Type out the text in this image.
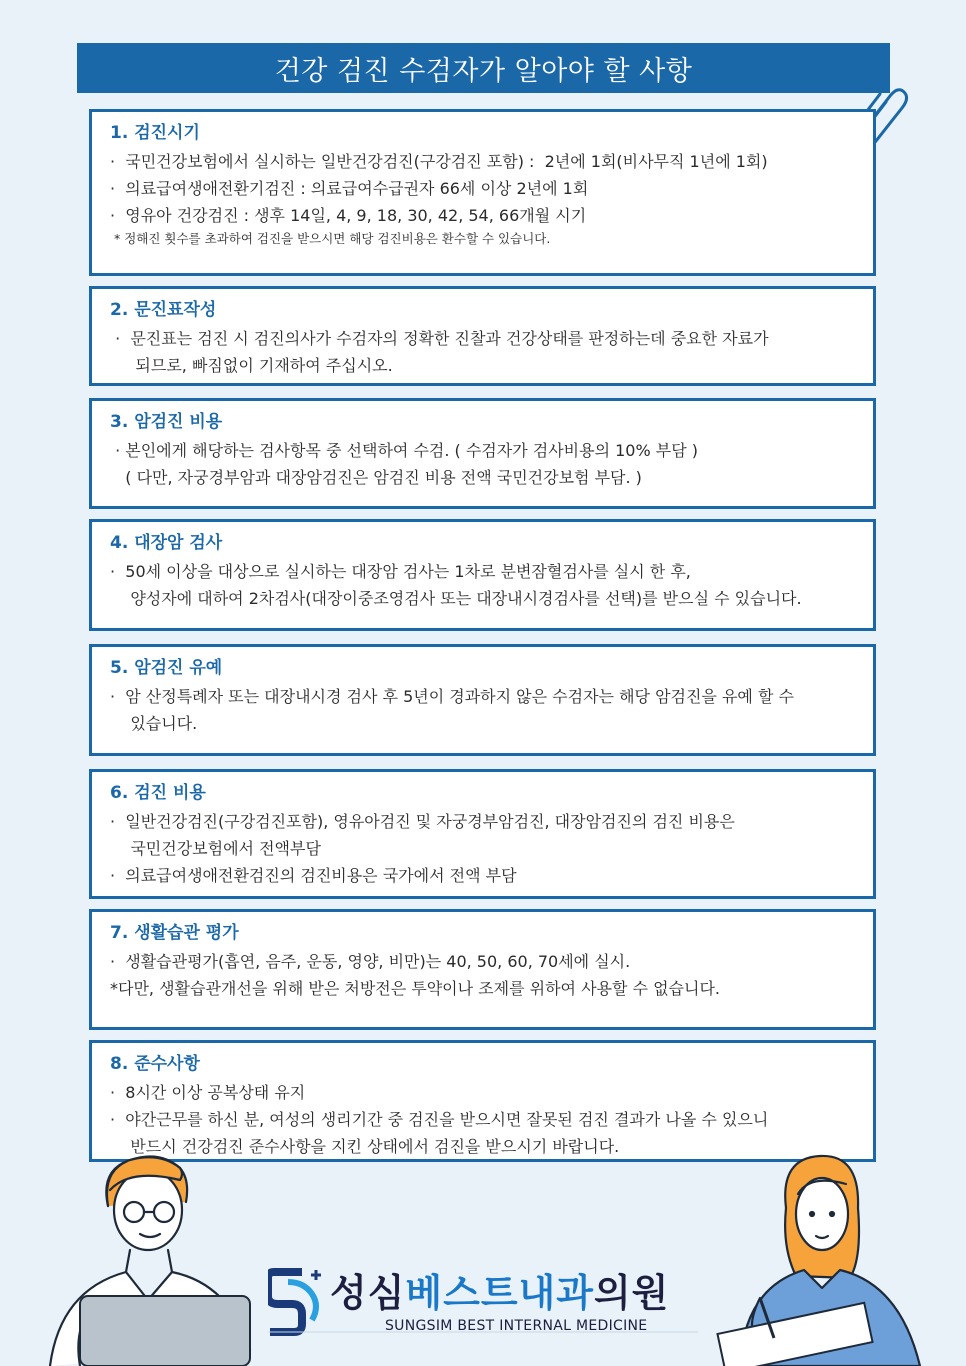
건강 검진 수검자가 알아야 할 사항
1. 검진시기

·  국민건강보험에서 실시하는 일반건강검진(구강검진 포함) :  2년에 1회(비사무직 1년에 1회)

·  의료급여생애전환기검진 : 의료급여수급권자 66세 이상 2년에 1회

·  영유아 건강검진 : 생후 14일, 4, 9, 18, 30, 42, 54, 66개월 시기

* 정해진 횟수를 초과하여 검진을 받으시면 해당 검진비용은 환수할 수 있습니다.

2. 문진표작성

·  문진표는 검진 시 검진의사가 수검자의 정확한 진찰과 건강상태를 판정하는데 중요한 자료가

되므로, 빠짐없이 기재하여 주십시오.

3. 암검진 비용

· 본인에게 해당하는 검사항목 중 선택하여 수검. ( 수검자가 검사비용의 10% 부담 )

( 다만, 자궁경부암과 대장암검진은 암검진 비용 전액 국민건강보험 부담. )

4. 대장암 검사

·  50세 이상을 대상으로 실시하는 대장암 검사는 1차로 분변잠혈검사를 실시 한 후,

양성자에 대하여 2차검사(대장이중조영검사 또는 대장내시경검사를 선택)를 받으실 수 있습니다.

5. 암검진 유예

·  암 산정특례자 또는 대장내시경 검사 후 5년이 경과하지 않은 수검자는 해당 암검진을 유예 할 수

있습니다.

6. 검진 비용

·  일반건강검진(구강검진포함), 영유아검진 및 자궁경부암검진, 대장암검진의 검진 비용은

국민건강보험에서 전액부담

·  의료급여생애전환검진의 검진비용은 국가에서 전액 부담

7. 생활습관 평가

·  생활습관평가(흡연, 음주, 운동, 영양, 비만)는 40, 50, 60, 70세에 실시.

*다만, 생활습관개선을 위해 받은 처방전은 투약이나 조제를 위하여 사용할 수 없습니다.

8. 준수사항

·  8시간 이상 공복상태 유지

·  야간근무를 하신 분, 여성의 생리기간 중 검진을 받으시면 잘못된 검진 결과가 나올 수 있으니

반드시 건강검진 준수사항을 지킨 상태에서 검진을 받으시기 바랍니다.

성심베스트내과의원
SUNGSIM BEST INTERNAL MEDICINE
